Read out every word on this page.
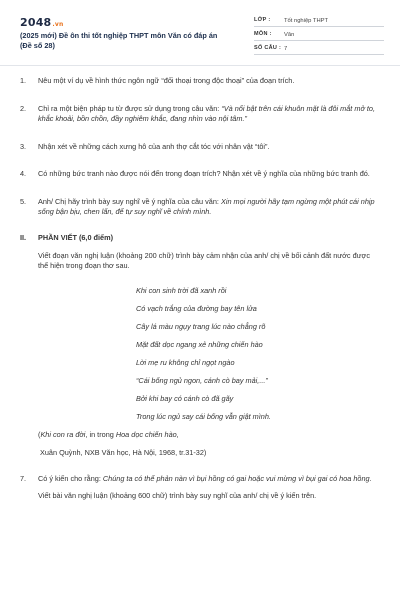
2048.vn
(2025 mới) Đề ôn thi tốt nghiệp THPT môn Văn có đáp án (Đề số 28)
LỚP :	Tốt nghiệp THPT
MÔN :	Văn
SỐ CÂU : 7
1.	Nêu một ví dụ về hình thức ngôn ngữ “đối thoại trong độc thoại” của đoạn trích.
2.	Chỉ ra một biện pháp tu từ được sử dụng trong câu văn: “Và nổi bật trên cái khuôn mặt là đôi mắt mở to, khắc khoải, bồn chồn, đầy nghiêm khắc, đang nhìn vào nội tâm.”
3.	Nhận xét về những cách xưng hô của anh thợ cắt tóc với nhân vật “tôi”.
4.	Có những bức tranh nào được nói đến trong đoạn trích? Nhận xét về ý nghĩa của những bức tranh đó.
5.	Anh/ Chị hãy trình bày suy nghĩ về ý nghĩa của câu văn: Xin mọi người hãy tạm ngừng một phút cái nhịp sống bận bịu, chen lấn, để tự suy nghĩ về chính mình.
II.	PHẦN VIẾT (6,0 điểm)
Viết đoạn văn nghị luận (khoảng 200 chữ) trình bày cảm nhận của anh/ chị về bối cảnh đất nước được thể hiện trong đoạn thơ sau.
Khi con sinh trời đã xanh rồi
Có vạch trắng của đường bay tên lửa
Cây lá màu ngụy trang lúc nào chẳng rõ
Mặt đất dọc ngang xẻ những chiến hào
Lời mẹ ru không chỉ ngọt ngào
“Cái bống ngủ ngon, cánh cò bay mải,...”
Bởi khi bay có cánh cò đã gãy
Trong lúc ngủ say cái bống vẫn giật mình.
(Khi con ra đời, in trong Hoa dọc chiến hào,
Xuân Quỳnh, NXB Văn học, Hà Nội, 1968, tr.31-32)
7.	Có ý kiến cho rằng: Chúng ta có thể phản nàn vì bụi hồng có gai hoặc vui mừng vì bụi gai có hoa hồng.
Viết bài văn nghị luận (khoảng 600 chữ) trình bày suy nghĩ của anh/ chị về ý kiến trên.
